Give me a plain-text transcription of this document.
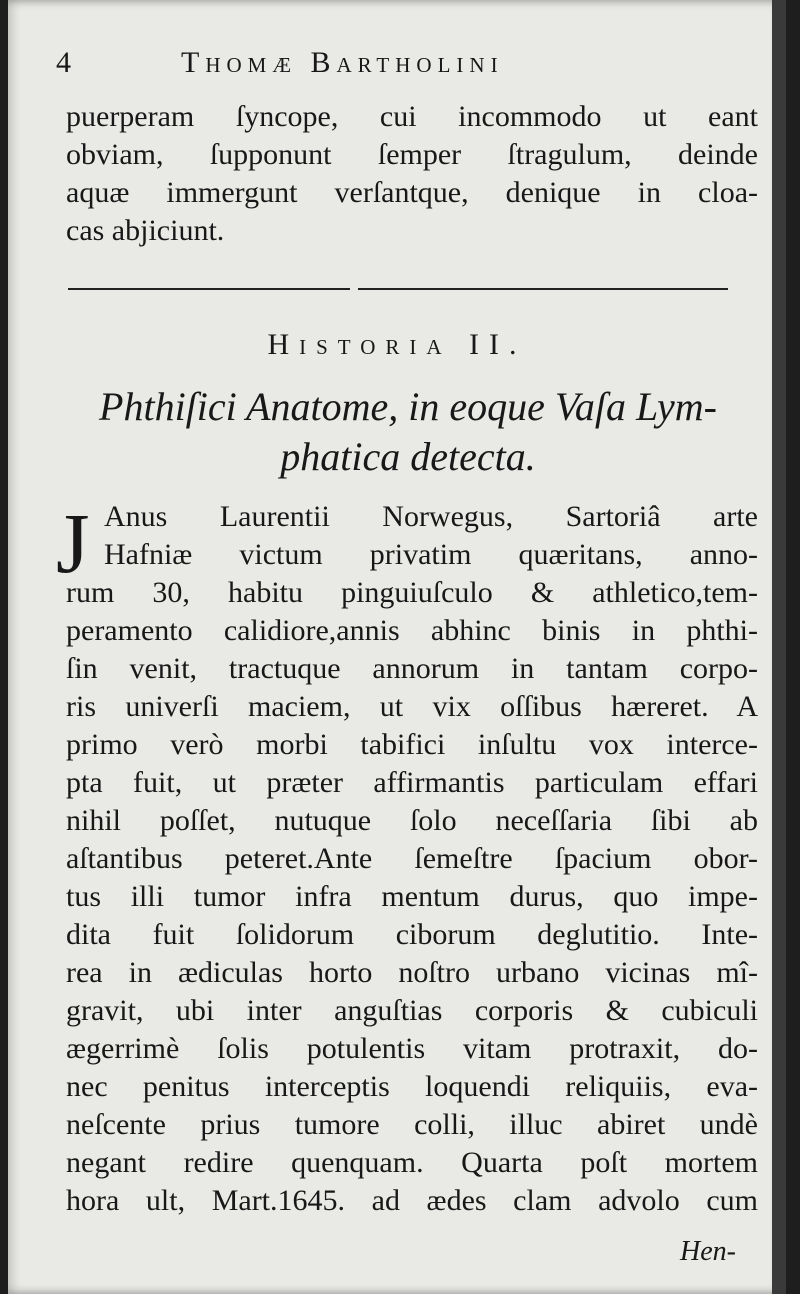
4	Thomæ Bartholini
puerperam ſyncope, cui incommodo ut eant
obviam, ſupponunt ſemper ſtragulum, deinde
aquæ immergunt verſantque, denique in cloa-
cas abjiciunt.
Historia II.
Phthiſici Anatome, in eoque Vaſa Lym-
phatica detecta.
J Anus Laurentii Norwegus, Sartoriâ arte
Hafniæ victum privatim quæritans, anno-
rum 30, habitu pinguiuſculo & athletico,tem-
peramento calidiore,annis abhinc binis in phthi-
ſin venit, tractuque annorum in tantam corpo-
ris univerſi maciem, ut vix oſſibus hæreret. A
primo verò morbi tabifici inſultu vox interce-
pta fuit, ut præter affirmantis particulam effari
nihil poſſet, nutuque ſolo neceſſaria ſibi ab
aſtantibus peteret.Ante ſemeſtre ſpacium obor-
tus illi tumor infra mentum durus, quo impe-
dita fuit ſolidorum ciborum deglutitio. Inte-
rea in ædiculas horto noſtro urbano vicinas mî-
gravit, ubi inter anguſtias corporis & cubiculi
ægerrimè ſolis potulentis vitam protraxit, do-
nec penitus interceptis loquendi reliquiis, eva-
neſcente prius tumore colli, illuc abiret undè
negant redire quenquam. Quarta poſt mortem
hora ult, Mart.1645. ad ædes clam advolo cum
Hen-
